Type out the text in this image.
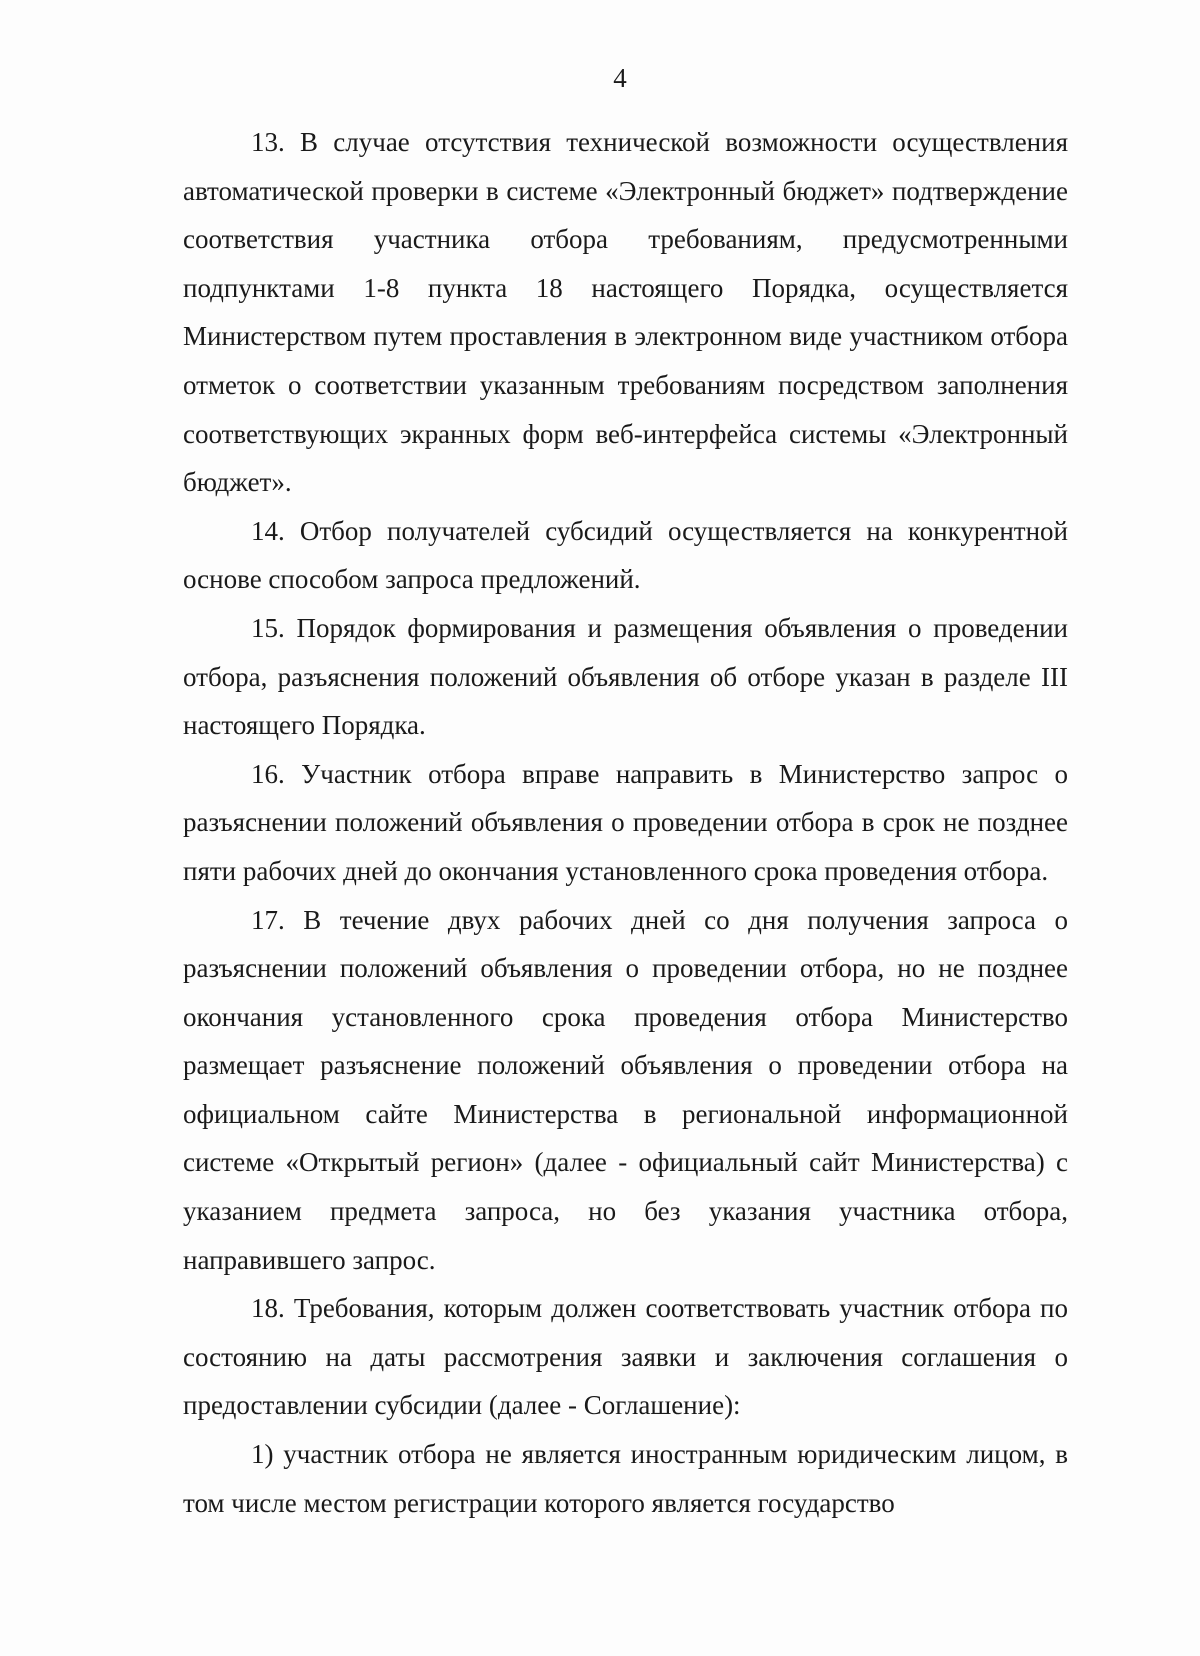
4

13. В случае отсутствия технической возможности осуществления автоматической проверки в системе «Электронный бюджет» подтверждение соответствия участника отбора требованиям, предусмотренными подпунктами 1-8 пункта 18 настоящего Порядка, осуществляется Министерством путем проставления в электронном виде участником отбора отметок о соответствии указанным требованиям посредством заполнения соответствующих экранных форм веб-интерфейса системы «Электронный бюджет».

14. Отбор получателей субсидий осуществляется на конкурентной основе способом запроса предложений.

15. Порядок формирования и размещения объявления о проведении отбора, разъяснения положений объявления об отборе указан в разделе III настоящего Порядка.

16. Участник отбора вправе направить в Министерство запрос о разъяснении положений объявления о проведении отбора в срок не позднее пяти рабочих дней до окончания установленного срока проведения отбора.

17. В течение двух рабочих дней со дня получения запроса о разъяснении положений объявления о проведении отбора, но не позднее окончания установленного срока проведения отбора Министерство размещает разъяснение положений объявления о проведении отбора на официальном сайте Министерства в региональной информационной системе «Открытый регион» (далее - официальный сайт Министерства) с указанием предмета запроса, но без указания участника отбора, направившего запрос.

18. Требования, которым должен соответствовать участник отбора по состоянию на даты рассмотрения заявки и заключения соглашения о предоставлении субсидии (далее - Соглашение):

1) участник отбора не является иностранным юридическим лицом, в том числе местом регистрации которого является государство
